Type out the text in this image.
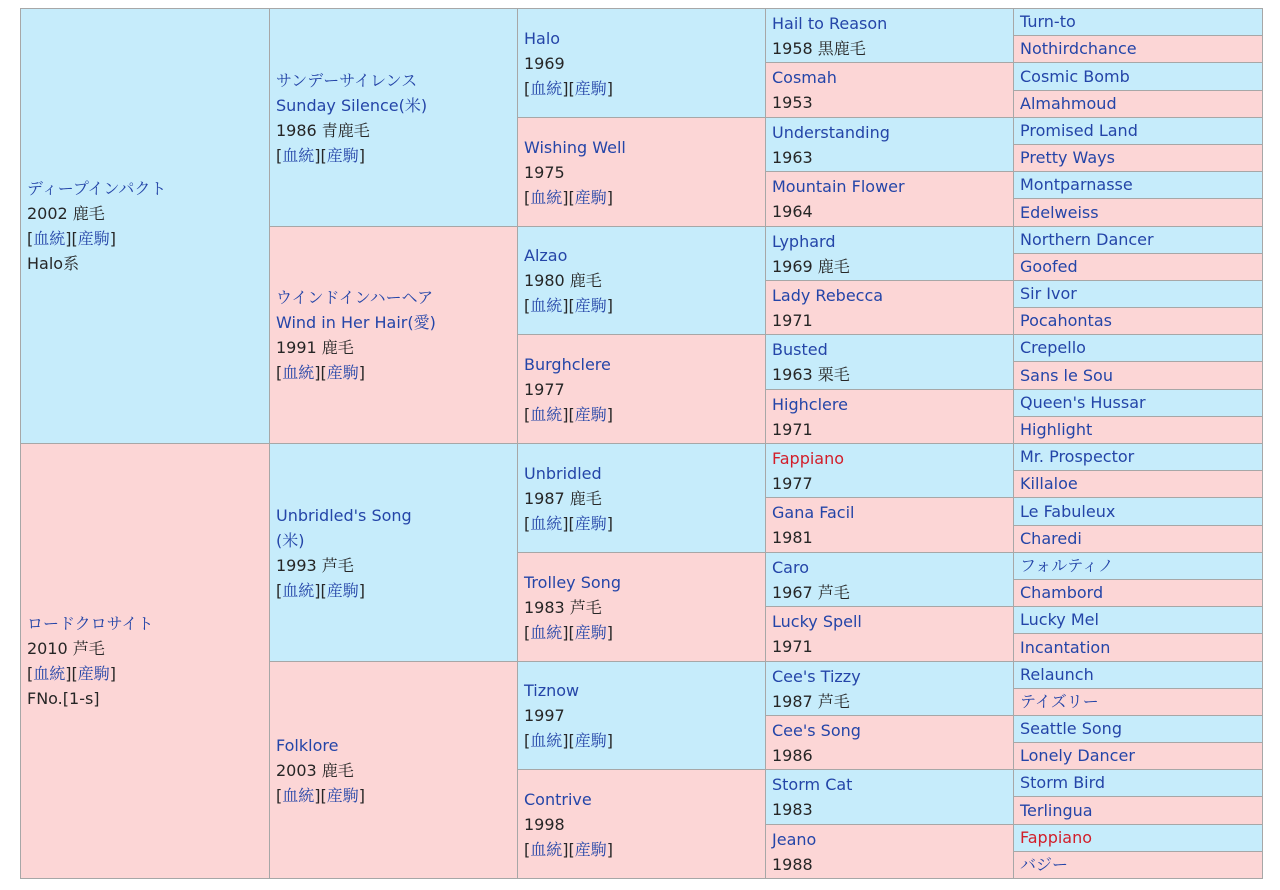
ディープインパクト
2002 鹿毛
[血統][産駒]
Halo系
ロードクロサイト
2010 芦毛
[血統][産駒]
FNo.[1-s]
サンデーサイレンス
Sunday Silence(米)
1986 青鹿毛
[血統][産駒]
ウインドインハーヘア
Wind in Her Hair(愛)
1991 鹿毛
[血統][産駒]
Unbridled's Song
(米)
1993 芦毛
[血統][産駒]
Folklore
2003 鹿毛
[血統][産駒]
Halo
1969
[血統][産駒]
Wishing Well
1975
[血統][産駒]
Alzao
1980 鹿毛
[血統][産駒]
Burghclere
1977
[血統][産駒]
Unbridled
1987 鹿毛
[血統][産駒]
Trolley Song
1983 芦毛
[血統][産駒]
Tiznow
1997
[血統][産駒]
Contrive
1998
[血統][産駒]
Hail to Reason
1958 黒鹿毛
Cosmah
1953
Understanding
1963
Mountain Flower
1964
Lyphard
1969 鹿毛
Lady Rebecca
1971
Busted
1963 栗毛
Highclere
1971
Fappiano
1977
Gana Facil
1981
Caro
1967 芦毛
Lucky Spell
1971
Cee's Tizzy
1987 芦毛
Cee's Song
1986
Storm Cat
1983
Jeano
1988
Turn-to
Nothirdchance
Cosmic Bomb
Almahmoud
Promised Land
Pretty Ways
Montparnasse
Edelweiss
Northern Dancer
Goofed
Sir Ivor
Pocahontas
Crepello
Sans le Sou
Queen's Hussar
Highlight
Mr. Prospector
Killaloe
Le Fabuleux
Charedi
フォルティノ
Chambord
Lucky Mel
Incantation
Relaunch
テイズリー
Seattle Song
Lonely Dancer
Storm Bird
Terlingua
Fappiano
バジー
